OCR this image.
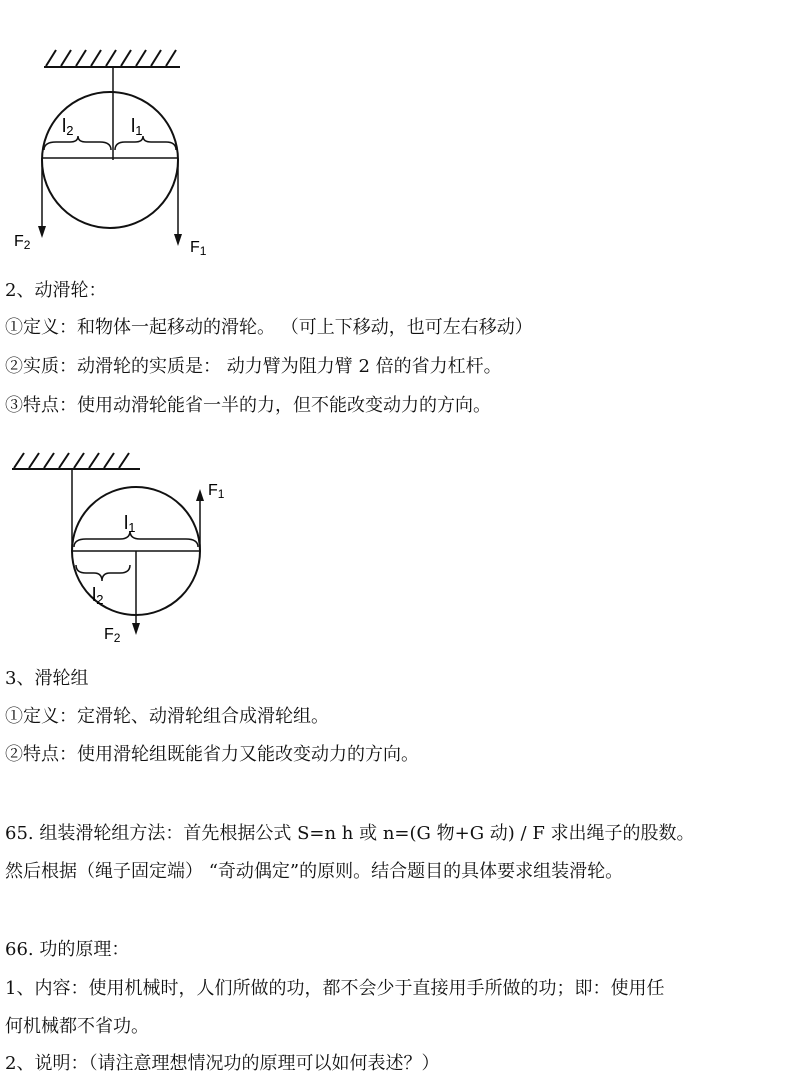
l2	l1
F2	F1
2、动滑轮：
①定义：和物体一起移动的滑轮。 （可上下移动，也可左右移动）
②实质：动滑轮的实质是： 动力臂为阻力臂 2 倍的省力杠杆。
③特点：使用动滑轮能省一半的力，但不能改变动力的方向。
F1
l1
l2
F2
3、滑轮组
①定义：定滑轮、动滑轮组合成滑轮组。
②特点：使用滑轮组既能省力又能改变动力的方向。
65. 组装滑轮组方法：首先根据公式 S=n h 或 n=(G 物+G 动) / F 求出绳子的股数。
然后根据（绳子固定端） “奇动偶定”的原则。结合题目的具体要求组装滑轮。
66. 功的原理：
1、内容：使用机械时，人们所做的功，都不会少于直接用手所做的功；即：使用任
何机械都不省功。
2、说明：（请注意理想情况功的原理可以如何表述？）
